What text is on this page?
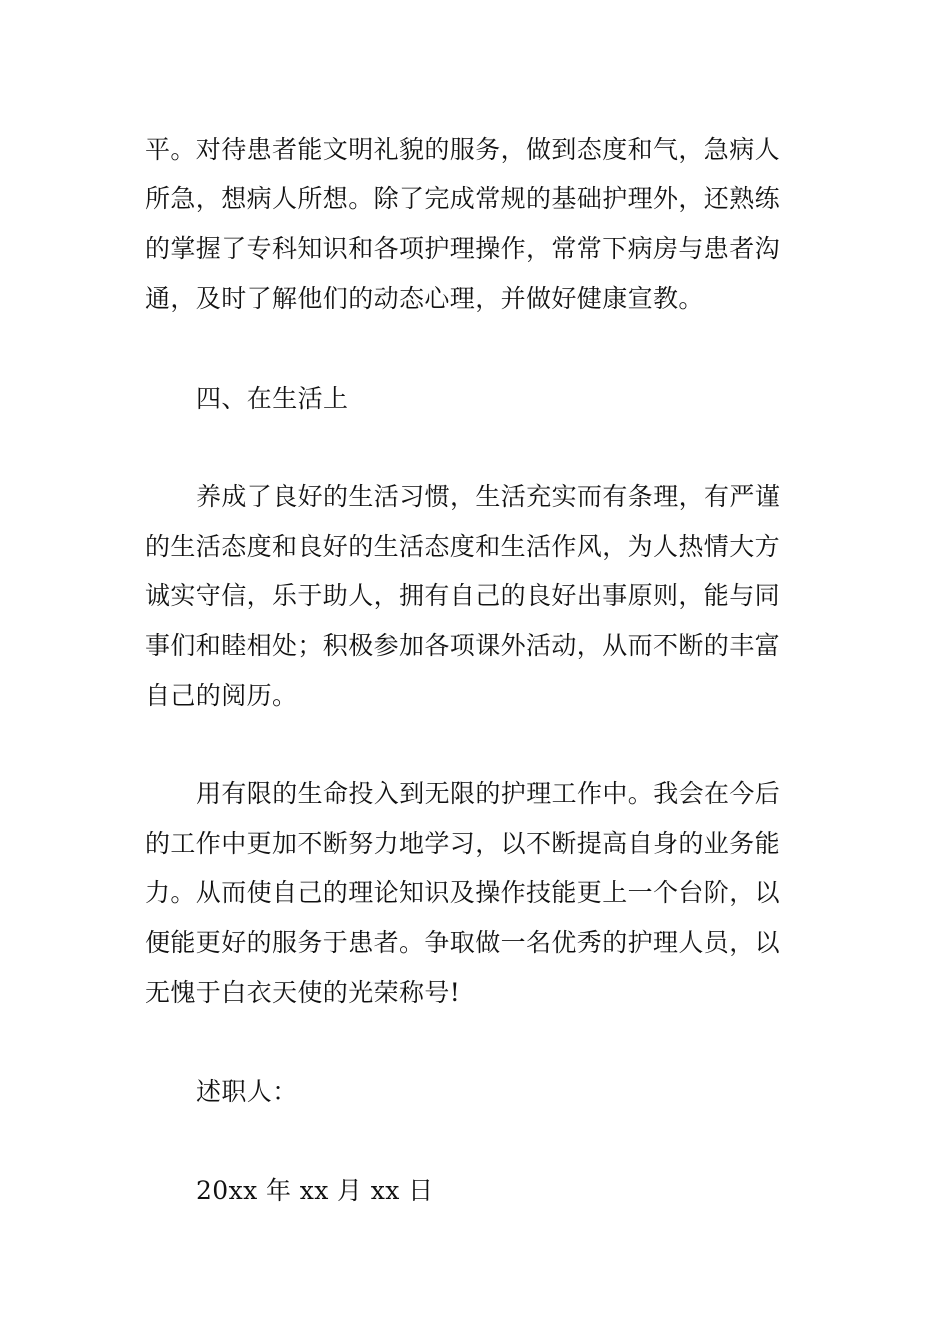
平。对待患者能文明礼貌的服务，做到态度和气，急病人
所急，想病人所想。除了完成常规的基础护理外，还熟练
的掌握了专科知识和各项护理操作，常常下病房与患者沟
通，及时了解他们的动态心理，并做好健康宣教。
四、在生活上
养成了良好的生活习惯，生活充实而有条理，有严谨
的生活态度和良好的生活态度和生活作风，为人热情大方
诚实守信，乐于助人，拥有自己的良好出事原则，能与同
事们和睦相处；积极参加各项课外活动，从而不断的丰富
自己的阅历。
用有限的生命投入到无限的护理工作中。我会在今后
的工作中更加不断努力地学习，以不断提高自身的业务能
力。从而使自己的理论知识及操作技能更上一个台阶，以
便能更好的服务于患者。争取做一名优秀的护理人员，以
无愧于白衣天使的光荣称号!
述职人：
20xx 年 xx 月 xx 日
